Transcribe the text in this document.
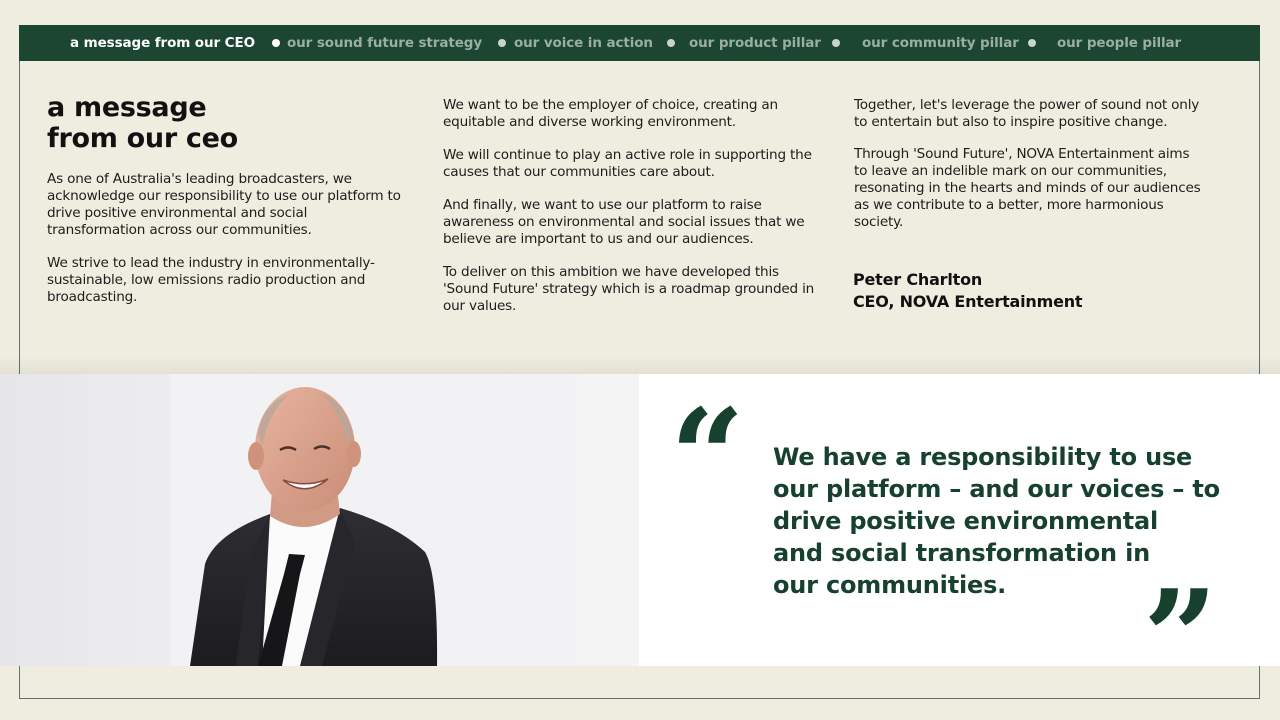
a message from our CEO our sound future strategy our voice in action	our product pillar	our community pillar	our people pillar
a message
from our ceo

As one of Australia's leading broadcasters, we acknowledge our responsibility to use our platform to drive positive environmental and social transformation across our communities.

We strive to lead the industry in environmentally-sustainable, low emissions radio production and broadcasting.

We want to be the employer of choice, creating an equitable and diverse working environment.

We will continue to play an active role in supporting the causes that our communities care about.

And finally, we want to use our platform to raise awareness on environmental and social issues that we believe are important to us and our audiences.

To deliver on this ambition we have developed this 'Sound Future' strategy which is a roadmap grounded in our values.

Together, let's leverage the power of sound not only to entertain but also to inspire positive change.

Through 'Sound Future', NOVA Entertainment aims to leave an indelible mark on our communities, resonating in the hearts and minds of our audiences as we contribute to a better, more harmonious society.

Peter Charlton
CEO, NOVA Entertainment
“ We have a responsibility to use
our platform – and our voices – to
drive positive environmental
and social transformation in
our communities.	”
